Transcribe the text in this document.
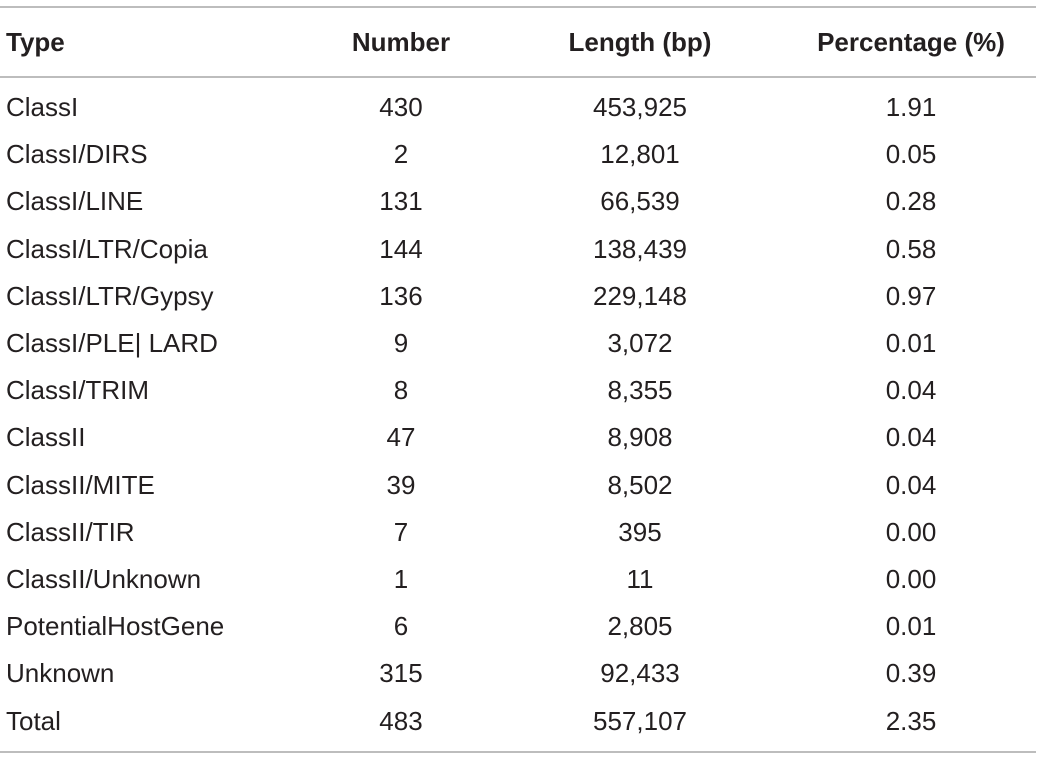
Type	Number	Length (bp)	Percentage (%)
ClassI	430	453,925	1.91
ClassI/DIRS	2	12,801	0.05
ClassI/LINE	131	66,539	0.28
ClassI/LTR/Copia	144	138,439	0.58
ClassI/LTR/Gypsy	136	229,148	0.97
ClassI/PLE| LARD	9	3,072	0.01
ClassI/TRIM	8	8,355	0.04
ClassII	47	8,908	0.04
ClassII/MITE	39	8,502	0.04
ClassII/TIR	7	395	0.00
ClassII/Unknown	1	11	0.00
PotentialHostGene	6	2,805	0.01
Unknown	315	92,433	0.39
Total	483	557,107	2.35
